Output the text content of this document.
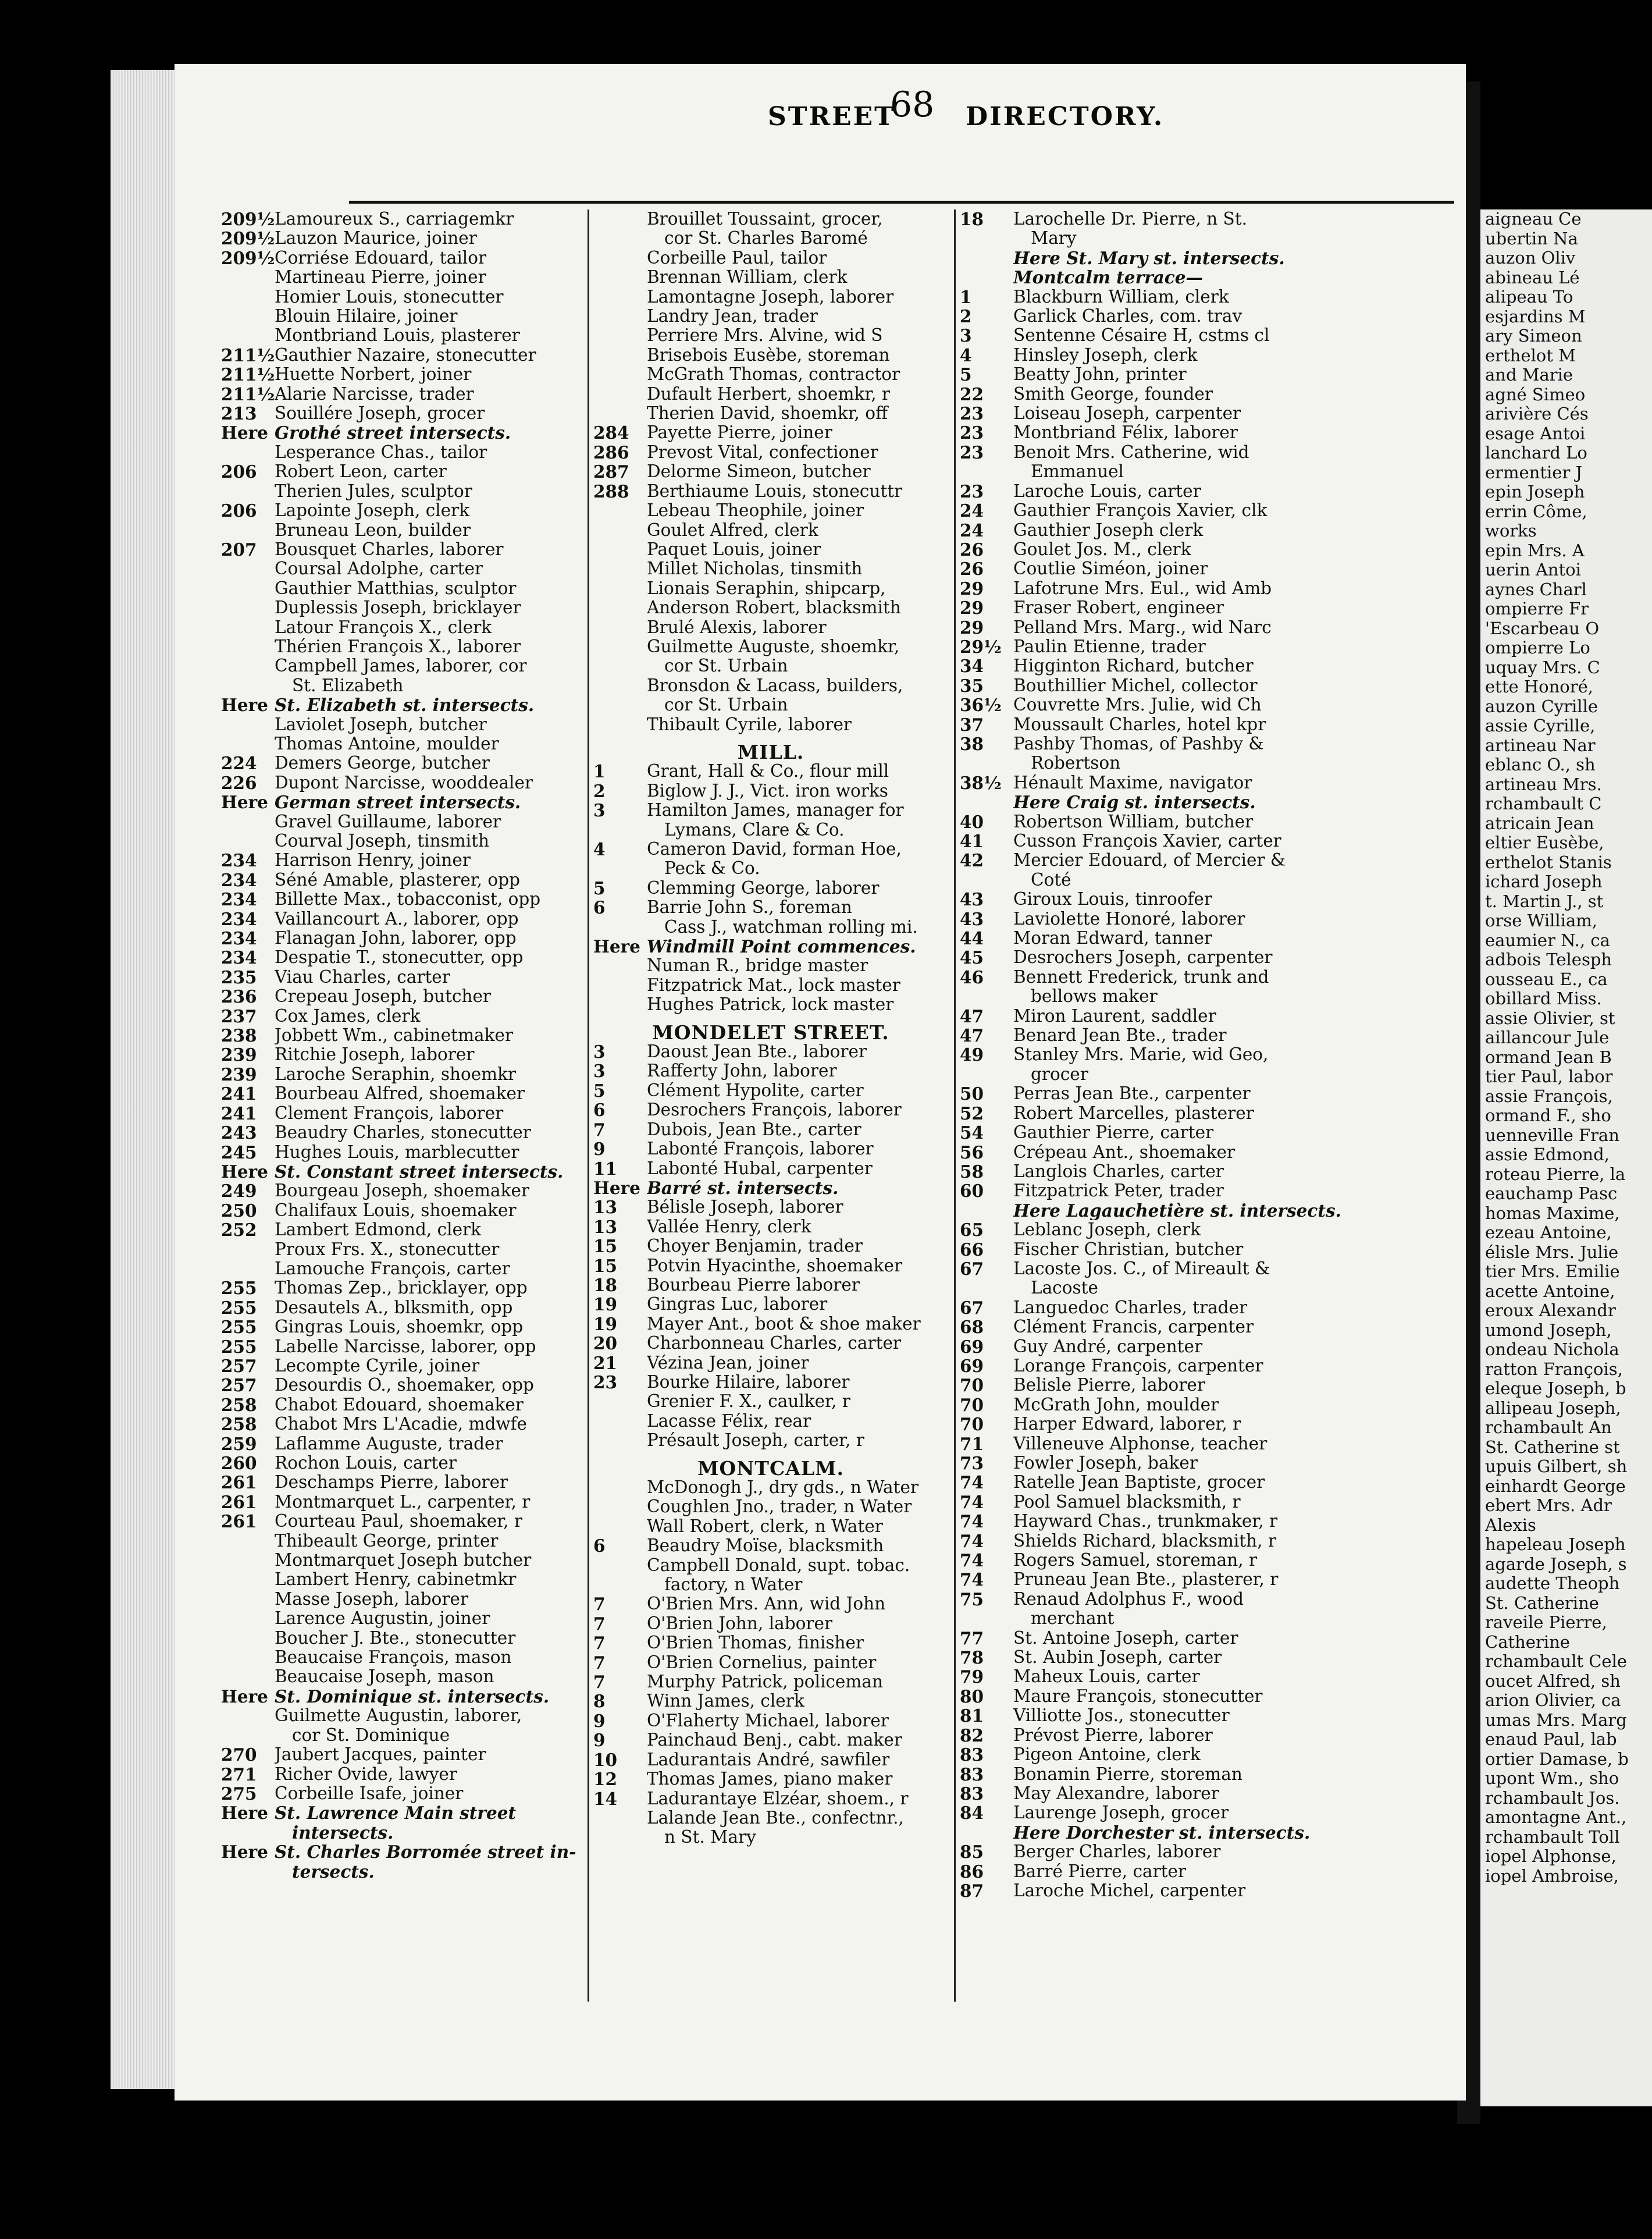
STREET
68 DIRECTORY.
209½ Lamoureux S., carriagemkr
209½ Lauzon Maurice, joiner
209½ Corriése Edouard, tailor
Martineau Pierre, joiner
Homier Louis, stonecutter
Blouin Hilaire, joiner
Montbriand Louis, plasterer
211½ Gauthier Nazaire, stonecutter
211½ Huette Norbert, joiner
211½ Alarie Narcisse, trader
213	Souillére Joseph, grocer
Here Grothé street intersects.
Lesperance Chas., tailor
206	Robert Leon, carter
Therien Jules, sculptor
206	Lapointe Joseph, clerk
Bruneau Leon, builder
207	Bousquet Charles, laborer
Coursal Adolphe, carter
Gauthier Matthias, sculptor
Duplessis Joseph, bricklayer
Latour François X., clerk
Thérien François X., laborer
Campbell James, laborer, cor
St. Elizabeth
Here St. Elizabeth st. intersects.
Laviolet Joseph, butcher
Thomas Antoine, moulder
224	Demers George, butcher
226	Dupont Narcisse, wooddealer
Here German street intersects.
Gravel Guillaume, laborer
Courval Joseph, tinsmith
234	Harrison Henry, joiner
234	Séné Amable, plasterer, opp
234	Billette Max., tobacconist, opp
234	Vaillancourt A., laborer, opp
234	Flanagan John, laborer, opp
234	Despatie T., stonecutter, opp
235	Viau Charles, carter
236	Crepeau Joseph, butcher
237	Cox James, clerk
238	Jobbett Wm., cabinetmaker
239	Ritchie Joseph, laborer
239	Laroche Seraphin, shoemkr
241	Bourbeau Alfred, shoemaker
241	Clement François, laborer
243	Beaudry Charles, stonecutter
245	Hughes Louis, marblecutter
Here St. Constant street intersects.
249	Bourgeau Joseph, shoemaker
250	Chalifaux Louis, shoemaker
252	Lambert Edmond, clerk
Proux Frs. X., stonecutter
Lamouche François, carter
255	Thomas Zep., bricklayer, opp
255	Desautels A., blksmith, opp
255	Gingras Louis, shoemkr, opp
255	Labelle Narcisse, laborer, opp
257	Lecompte Cyrile, joiner
257	Desourdis O., shoemaker, opp
258	Chabot Edouard, shoemaker
258	Chabot Mrs L'Acadie, mdwfe
259	Laflamme Auguste, trader
260	Rochon Louis, carter
261	Deschamps Pierre, laborer
261	Montmarquet L., carpenter, r
261	Courteau Paul, shoemaker, r
Thibeault George, printer
Montmarquet Joseph butcher
Lambert Henry, cabinetmkr
Masse Joseph, laborer
Larence Augustin, joiner
Boucher J. Bte., stonecutter
Beaucaise François, mason
Beaucaise Joseph, mason
Here St. Dominique st. intersects.
Guilmette Augustin, laborer,
cor St. Dominique
270	Jaubert Jacques, painter
271	Richer Ovide, lawyer
275	Corbeille Isafe, joiner
Here St. Lawrence Main street
intersects.
Here St. Charles Borromée street in-
tersects.
Brouillet Toussaint, grocer,
cor St. Charles Baromé
Corbeille Paul, tailor
Brennan William, clerk
Lamontagne Joseph, laborer
Landry Jean, trader
Perriere Mrs. Alvine, wid S
Brisebois Eusèbe, storeman
McGrath Thomas, contractor
Dufault Herbert, shoemkr, r
Therien David, shoemkr, off
284	Payette Pierre, joiner
286	Prevost Vital, confectioner
287	Delorme Simeon, butcher
288	Berthiaume Louis, stonecuttr
Lebeau Theophile, joiner
Goulet Alfred, clerk
Paquet Louis, joiner
Millet Nicholas, tinsmith
Lionais Seraphin, shipcarp,
Anderson Robert, blacksmith
Brulé Alexis, laborer
Guilmette Auguste, shoemkr,
cor St. Urbain
Bronsdon & Lacass, builders,
cor St. Urbain
Thibault Cyrile, laborer
MILL.
1	Grant, Hall & Co., flour mill
2	Biglow J. J., Vict. iron works
3	Hamilton James, manager for
Lymans, Clare & Co.
4	Cameron David, forman Hoe,
Peck & Co.
5	Clemming George, laborer
6	Barrie John S., foreman
Cass J., watchman rolling mi.
Here Windmill Point commences.
Numan R., bridge master
Fitzpatrick Mat., lock master
Hughes Patrick, lock master
MONDELET STREET.
3	Daoust Jean Bte., laborer
3	Rafferty John, laborer
5	Clément Hypolite, carter
6	Desrochers François, laborer
7	Dubois, Jean Bte., carter
9	Labonté François, laborer
11	Labonté Hubal, carpenter
Here Barré st. intersects.
13	Bélisle Joseph, laborer
13	Vallée Henry, clerk
15	Choyer Benjamin, trader
15	Potvin Hyacinthe, shoemaker
18	Bourbeau Pierre laborer
19	Gingras Luc, laborer
19	Mayer Ant., boot & shoe maker
20	Charbonneau Charles, carter
21	Vézina Jean, joiner
23	Bourke Hilaire, laborer
Grenier F. X., caulker, r
Lacasse Félix, rear
Présault Joseph, carter, r
MONTCALM.
McDonogh J., dry gds., n Water
Coughlen Jno., trader, n Water
Wall Robert, clerk, n Water
6	Beaudry Moïse, blacksmith
Campbell Donald, supt. tobac.
factory, n Water
7	O'Brien Mrs. Ann, wid John
7	O'Brien John, laborer
7	O'Brien Thomas, finisher
7	O'Brien Cornelius, painter
7	Murphy Patrick, policeman
8	Winn James, clerk
9	O'Flaherty Michael, laborer
9	Painchaud Benj., cabt. maker
10	Ladurantais André, sawfiler
12	Thomas James, piano maker
14	Ladurantaye Elzéar, shoem., r
Lalande Jean Bte., confectnr.,
n St. Mary
18	Larochelle Dr. Pierre, n St.
Mary
Here St. Mary st. intersects.
Montcalm terrace—
1	Blackburn William, clerk
2	Garlick Charles, com. trav
3	Sentenne Césaire H, cstms cl
4	Hinsley Joseph, clerk
5	Beatty John, printer
22	Smith George, founder
23	Loiseau Joseph, carpenter
23	Montbriand Félix, laborer
23	Benoit Mrs. Catherine, wid
Emmanuel
23	Laroche Louis, carter
24	Gauthier François Xavier, clk
24	Gauthier Joseph clerk
26	Goulet Jos. M., clerk
26	Coutlie Siméon, joiner
29	Lafotrune Mrs. Eul., wid Amb
29	Fraser Robert, engineer
29	Pelland Mrs. Marg., wid Narc
29½ Paulin Etienne, trader
34	Higginton Richard, butcher
35	Bouthillier Michel, collector
36½ Couvrette Mrs. Julie, wid Ch
37	Moussault Charles, hotel kpr
38	Pashby Thomas, of Pashby &
Robertson
38½ Hénault Maxime, navigator
Here Craig st. intersects.
40	Robertson William, butcher
41	Cusson François Xavier, carter
42	Mercier Edouard, of Mercier &
Coté
43	Giroux Louis, tinroofer
43	Laviolette Honoré, laborer
44	Moran Edward, tanner
45	Desrochers Joseph, carpenter
46	Bennett Frederick, trunk and
bellows maker
47	Miron Laurent, saddler
47	Benard Jean Bte., trader
49	Stanley Mrs. Marie, wid Geo,
grocer
50	Perras Jean Bte., carpenter
52	Robert Marcelles, plasterer
54	Gauthier Pierre, carter
56	Crépeau Ant., shoemaker
58	Langlois Charles, carter
60	Fitzpatrick Peter, trader
Here Lagauchetière st. intersects.
65	Leblanc Joseph, clerk
66	Fischer Christian, butcher
67	Lacoste Jos. C., of Mireault &
Lacoste
67	Languedoc Charles, trader
68	Clément Francis, carpenter
69	Guy André, carpenter
69	Lorange François, carpenter
70	Belisle Pierre, laborer
70	McGrath John, moulder
70	Harper Edward, laborer, r
71	Villeneuve Alphonse, teacher
73	Fowler Joseph, baker
74	Ratelle Jean Baptiste, grocer
74	Pool Samuel blacksmith, r
74	Hayward Chas., trunkmaker, r
74	Shields Richard, blacksmith, r
74	Rogers Samuel, storeman, r
74	Pruneau Jean Bte., plasterer, r
75	Renaud Adolphus F., wood
merchant
77	St. Antoine Joseph, carter
78	St. Aubin Joseph, carter
79	Maheux Louis, carter
80	Maure François, stonecutter
81	Villiotte Jos., stonecutter
82	Prévost Pierre, laborer
83	Pigeon Antoine, clerk
83	Bonamin Pierre, storeman
83	May Alexandre, laborer
84	Laurenge Joseph, grocer
Here Dorchester st. intersects.
85	Berger Charles, laborer
86	Barré Pierre, carter
87	Laroche Michel, carpenter
aigneau Ce
ubertin Na
auzon Oliv
abineau Lé
alipeau To
esjardins M
ary Simeon
erthelot M
and Marie
agné Simeo
arivière Cés
esage Antoi
lanchard Lo
ermentier J
epin Joseph
errin Côme,
works
epin Mrs. A
uerin Antoi
aynes Charl
ompierre Fr
'Escarbeau O
ompierre Lo
uquay Mrs. C
ette Honoré,
auzon Cyrille
assie Cyrille,
artineau Nar
eblanc O., sh
artineau Mrs.
rchambault C
atricain Jean
eltier Eusèbe,
erthelot Stanis
ichard Joseph
t. Martin J., st
orse William,
eaumier N., ca
adbois Telesph
ousseau E., ca
obillard Miss.
assie Olivier, st
aillancour Jule
ormand Jean B
tier Paul, labor
assie François,
ormand F., sho
uenneville Fran
assie Edmond,
roteau Pierre, la
eauchamp Pasc
homas Maxime,
ezeau Antoine,
élisle Mrs. Julie
tier Mrs. Emilie
acette Antoine,
eroux Alexandr
umond Joseph,
ondeau Nichola
ratton François,
eleque Joseph, b
allipeau Joseph,
rchambault An
St. Catherine st
upuis Gilbert, sh
einhardt George
ebert Mrs. Adr
Alexis
hapeleau Joseph
agarde Joseph, s
audette Theoph
St. Catherine
raveile Pierre,
Catherine
rchambault Cele
oucet Alfred, sh
arion Olivier, ca
umas Mrs. Marg
enaud Paul, lab
ortier Damase, b
upont Wm., sho
rchambault Jos.
amontagne Ant.,
rchambault Toll
iopel Alphonse,
iopel Ambroise,
